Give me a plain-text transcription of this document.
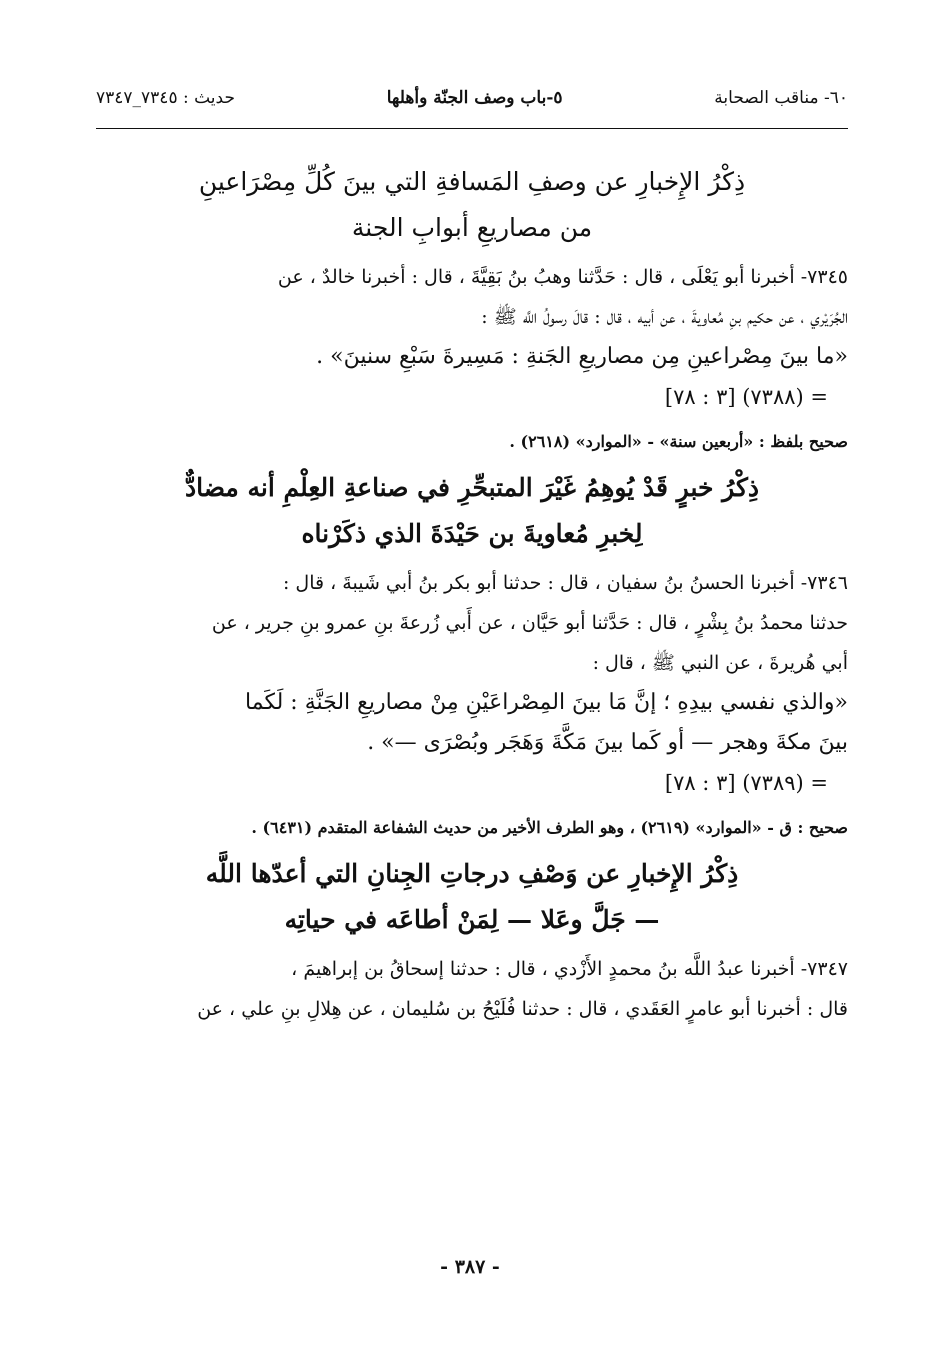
٦٠- مناقب الصحابة
٥-باب وصف الجنّة وأهلها
حديث : ٧٣٤٥_٧٣٤٧

ذِكْرُ الإِخبارِ عن وصفِ المَسافةِ التي بينَ كُلِّ مِصْرَاعينِ

من مصاريعِ أبوابِ الجنة

٧٣٤٥- أخبرنا أبو يَعْلَى ، قال : حَدَّثنا وهبُ بنُ بَقِيَّةَ ، قال : أخبرنا خالدٌ ، عن

الجُرَيْري ، عن حكيم بنِ مُعاويةَ ، عن أبيه ، قال : قالَ رسولُ اللَّه ﷺ :

«ما بينَ مِصْراعينِ مِن مصاريعِ الجَنةِ : مَسِيرةَ سَبْعِ سنينَ» .

= (٧٣٨٨) [٣ : ٧٨]

صحيح بلفظ : «أربعين سنة» - «الموارد» (٢٦١٨) .

ذِكْرُ خبرٍ قَدْ يُوهِمُ غَيْرَ المتبحِّرِ في صناعةِ العِلْمِ أنه مضادٌّ

لِخبرِ مُعاويةَ بن حَيْدَةَ الذي ذكَرْناه

٧٣٤٦- أخبرنا الحسنُ بنُ سفيان ، قال : حدثنا أبو بكر بنُ أبي شَيبةَ ، قال :

حدثنا محمدُ بنُ بِشْرٍ ، قال : حَدَّثنا أبو حَيَّان ، عن أَبي زُرعةَ بنِ عمرو بنِ جرير ، عن

أبي هُريرةَ ، عن النبي ﷺ ، قال :

«والذي نفسي بيدِهِ ؛ إنَّ مَا بينَ المِصْراعَيْنِ مِنْ مصاريعِ الجَنَّةِ : لَكَما

بينَ مكةَ وهجر — أو كَما بينَ مَكَّةَ وَهَجَر وبُصْرَى —» .

= (٧٣٨٩) [٣ : ٧٨]

صحيح : ق - «الموارد» (٢٦١٩) ، وهو الطرف الأخير من حديث الشفاعة المتقدم (٦٤٣١) .

ذِكْرُ الإِخبارِ عن وَصْفِ درجاتِ الجِنانِ التي أعدّها اللَّه

— جَلَّ وعَلا — لِمَنْ أطاعَه في حياتِه

٧٣٤٧- أخبرنا عبدُ اللَّه بنُ محمدٍ الأَزْدي ، قال : حدثنا إسحاقُ بن إبراهيمَ ،

قال : أخبرنا أبو عامرٍ العَقَدي ، قال : حدثنا فُلَيْحُ بن سُليمان ، عن هِلالِ بنِ علي ، عن

- ٣٨٧ -
